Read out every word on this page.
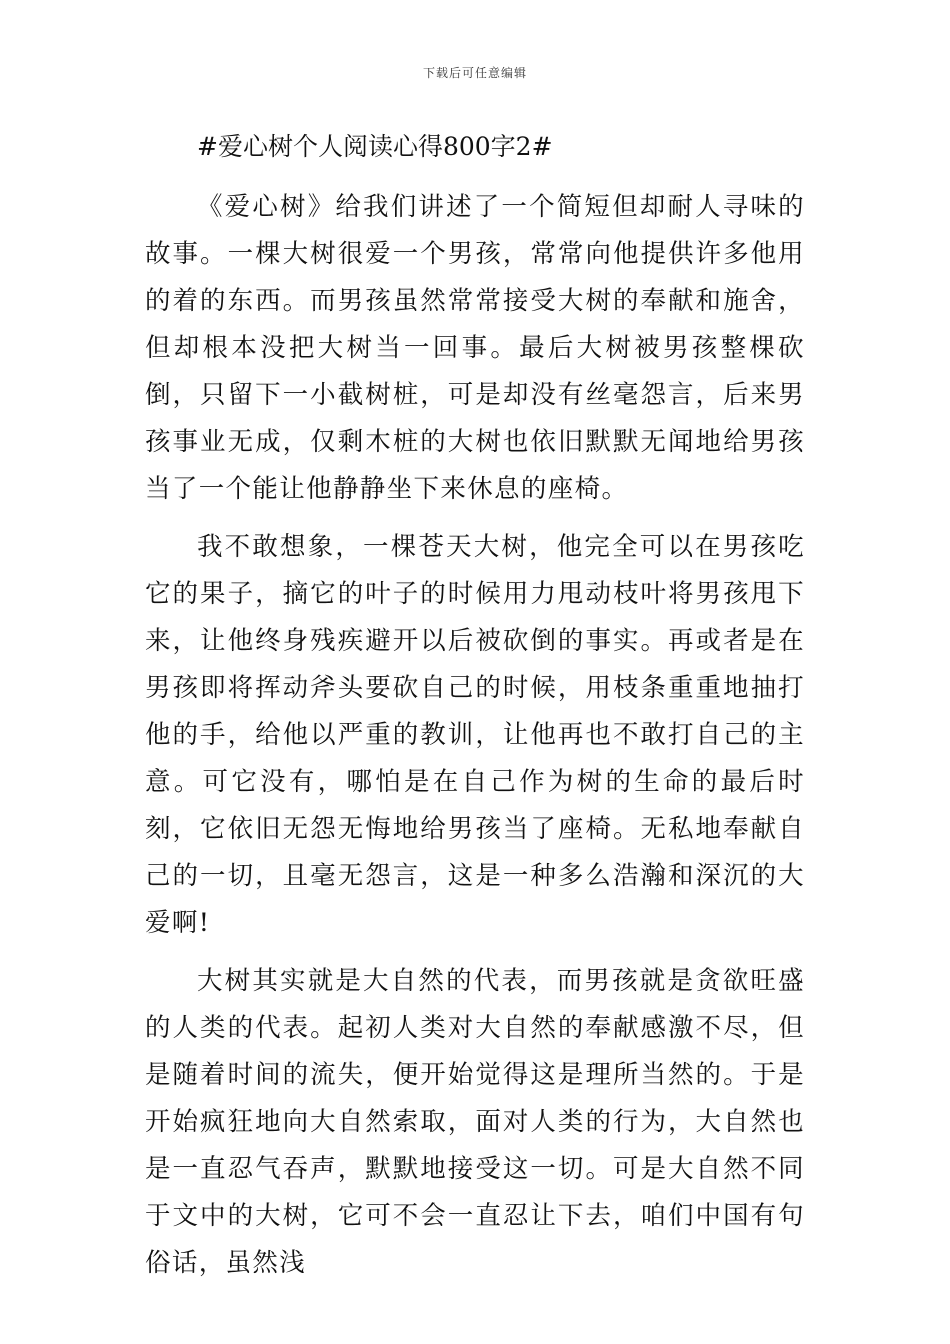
下载后可任意编辑
#爱心树个人阅读心得800字2#

《爱心树》给我们讲述了一个简短但却耐人寻味的故事。一棵大树很爱一个男孩，常常向他提供许多他用的着的东西。而男孩虽然常常接受大树的奉献和施舍，但却根本没把大树当一回事。最后大树被男孩整棵砍倒，只留下一小截树桩，可是却没有丝毫怨言，后来男孩事业无成，仅剩木桩的大树也依旧默默无闻地给男孩当了一个能让他静静坐下来休息的座椅。

我不敢想象，一棵苍天大树，他完全可以在男孩吃它的果子，摘它的叶子的时候用力甩动枝叶将男孩甩下来，让他终身残疾避开以后被砍倒的事实。再或者是在男孩即将挥动斧头要砍自己的时候，用枝条重重地抽打他的手，给他以严重的教训，让他再也不敢打自己的主意。可它没有，哪怕是在自己作为树的生命的最后时刻，它依旧无怨无悔地给男孩当了座椅。无私地奉献自己的一切，且毫无怨言，这是一种多么浩瀚和深沉的大爱啊!

大树其实就是大自然的代表，而男孩就是贪欲旺盛的人类的代表。起初人类对大自然的奉献感激不尽，但是随着时间的流失，便开始觉得这是理所当然的。于是开始疯狂地向大自然索取，面对人类的行为，大自然也是一直忍气吞声，默默地接受这一切。可是大自然不同于文中的大树，它可不会一直忍让下去，咱们中国有句俗话，虽然浅
